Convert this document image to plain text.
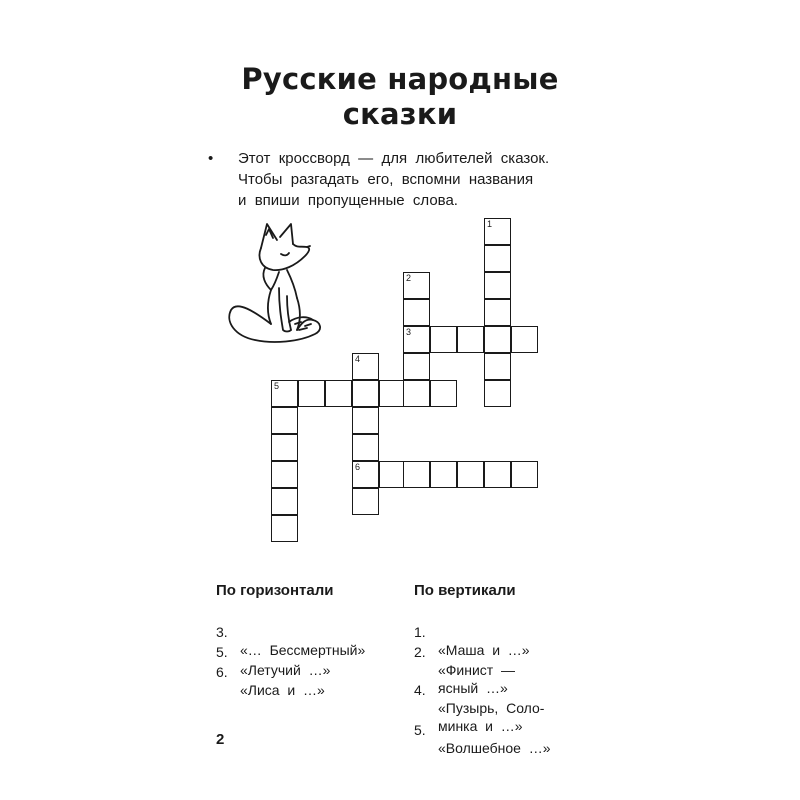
Русские народные
сказки
• Этот  кроссворд  —  для  любителей  сказок.
Чтобы  разгадать  его,  вспомни  названия
и  впиши  пропущенные  слова.
1
2
3
5
4
6
По горизонтали	По вертикали

3.

«…  Бессмертный»

5.

«Летучий  …»

6.

«Лиса  и  …»

1.

«Маша  и  …»

2.

«Финист  —

ясный  …»

4.

«Пузырь,  Соло-

минка  и  …»

5.

«Волшебное  …»

2
